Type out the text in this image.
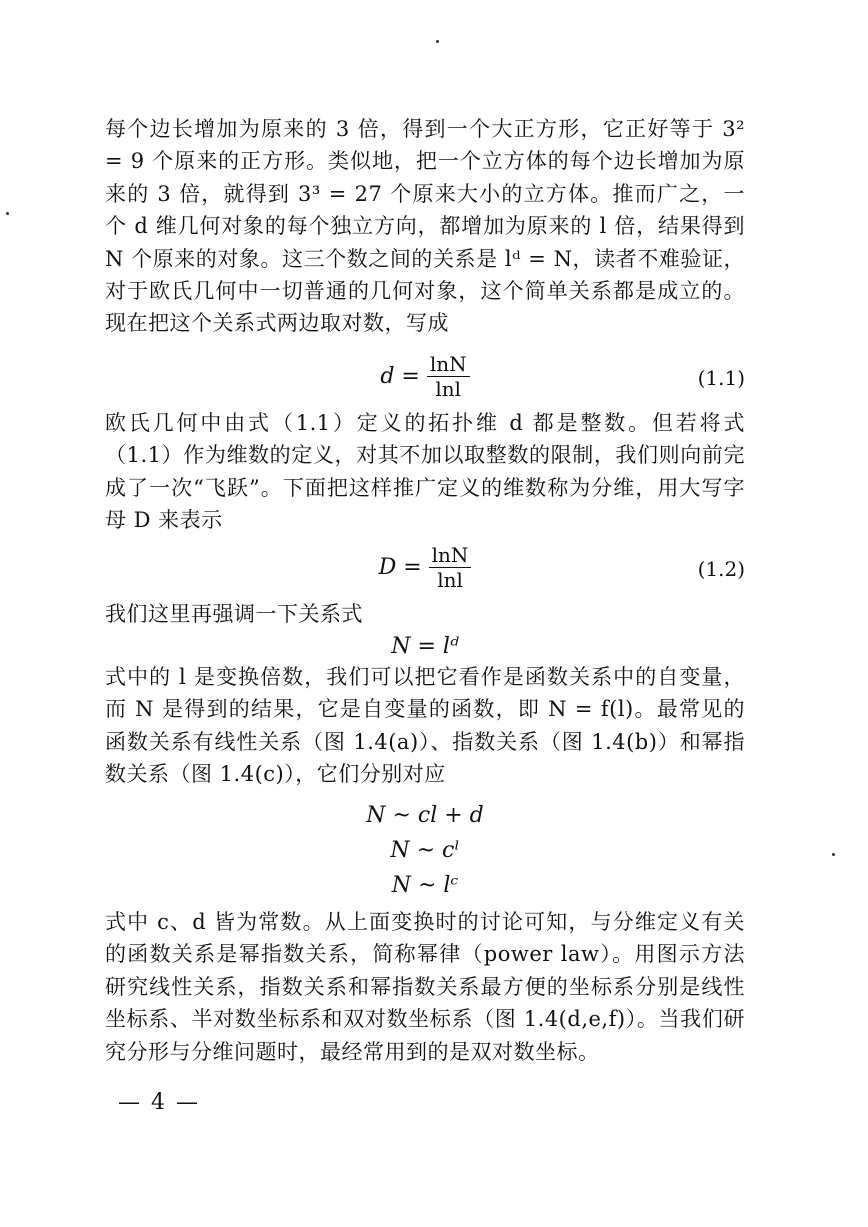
每个边长增加为原来的 3 倍，得到一个大正方形，它正好等于 3² = 9 个原来的正方形。类似地，把一个立方体的每个边长增加为原来的 3 倍，就得到 3³ = 27 个原来大小的立方体。推而广之，一个 d 维几何对象的每个独立方向，都增加为原来的 l 倍，结果得到 N 个原来的对象。这三个数之间的关系是 lᵈ = N，读者不难验证，对于欧氏几何中一切普通的几何对象，这个简单关系都是成立的。现在把这个关系式两边取对数，写成

$d = \frac{\ln N}{\ln l}$	(1.1)

欧氏几何中由式（1.1）定义的拓扑维 d 都是整数。但若将式（1.1）作为维数的定义，对其不加以取整数的限制，我们则向前完成了一次“飞跃”。下面把这样推广定义的维数称为分维，用大写字母 D 来表示

$D = \frac{\ln N}{\ln l}$	(1.2)

我们这里再强调一下关系式

N = lᵈ

式中的 l 是变换倍数，我们可以把它看作是函数关系中的自变量，而 N 是得到的结果，它是自变量的函数，即 N = f(l)。最常见的函数关系有线性关系（图 1.4(a)）、指数关系（图 1.4(b)）和幂指数关系（图 1.4(c)），它们分别对应

N ~ cl + d
N ~ cˡ
N ~ lᶜ

式中 c、d 皆为常数。从上面变换时的讨论可知，与分维定义有关的函数关系是幂指数关系，简称幂律（power law）。用图示方法研究线性关系，指数关系和幂指数关系最方便的坐标系分别是线性坐标系、半对数坐标系和双对数坐标系（图 1.4(d,e,f)）。当我们研究分形与分维问题时，最经常用到的是双对数坐标。

— 4 —
